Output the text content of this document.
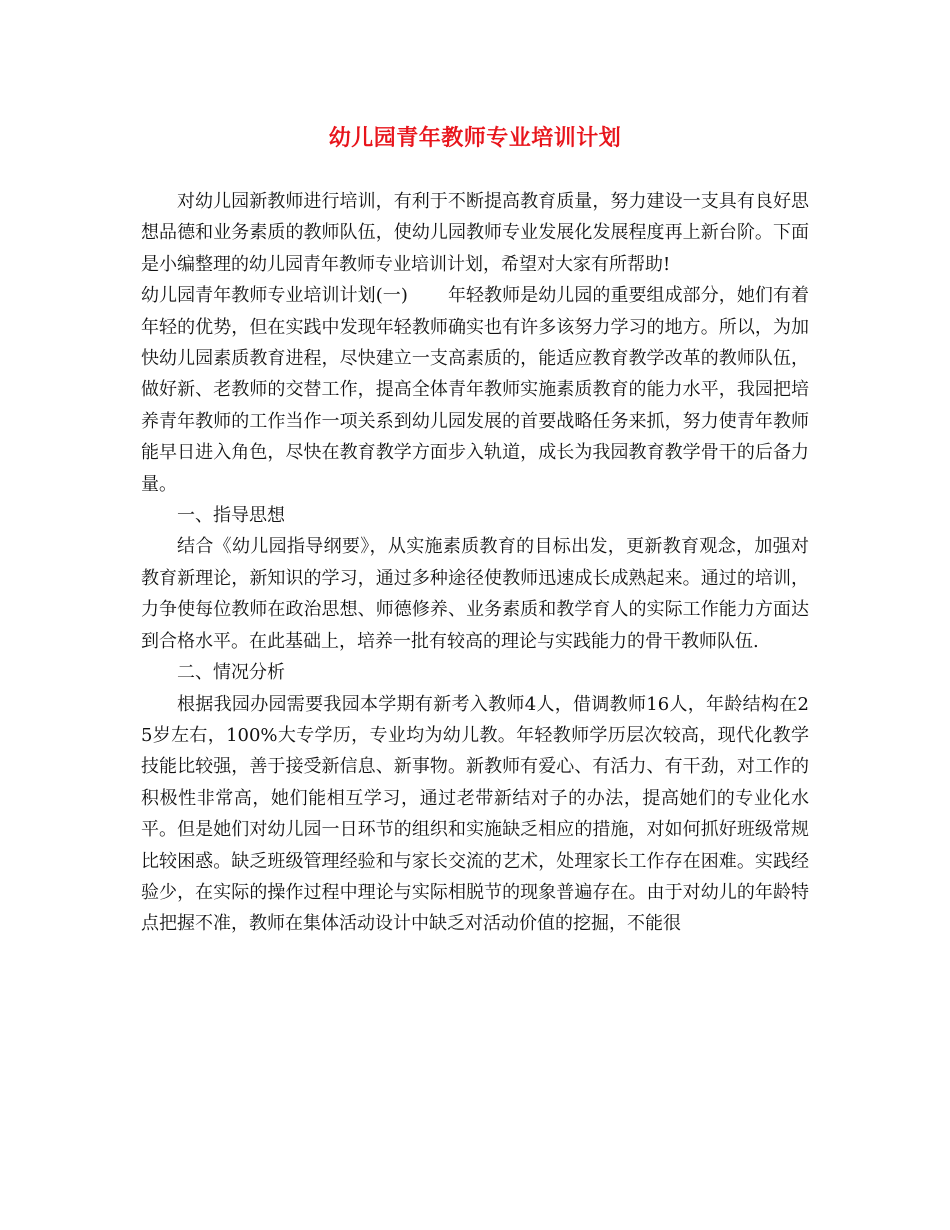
幼儿园青年教师专业培训计划

对幼儿园新教师进行培训，有利于不断提高教育质量，努力建设一支具有良好思想品德和业务素质的教师队伍，使幼儿园教师专业发展化发展程度再上新台阶。下面是小编整理的幼儿园青年教师专业培训计划，希望对大家有所帮助!

幼儿园青年教师专业培训计划(一) 年轻教师是幼儿园的重要组成部分，她们有着年轻的优势，但在实践中发现年轻教师确实也有许多该努力学习的地方。所以，为加快幼儿园素质教育进程，尽快建立一支高素质的，能适应教育教学改革的教师队伍，做好新、老教师的交替工作，提高全体青年教师实施素质教育的能力水平，我园把培养青年教师的工作当作一项关系到幼儿园发展的首要战略任务来抓，努力使青年教师能早日进入角色，尽快在教育教学方面步入轨道，成长为我园教育教学骨干的后备力量。

一、指导思想

结合《幼儿园指导纲要》，从实施素质教育的目标出发，更新教育观念，加强对教育新理论，新知识的学习，通过多种途径使教师迅速成长成熟起来。通过的培训，力争使每位教师在政治思想、师德修养、业务素质和教学育人的实际工作能力方面达到合格水平。在此基础上，培养一批有较高的理论与实践能力的骨干教师队伍.

二、情况分析

根据我园办园需要我园本学期有新考入教师4人，借调教师16人，年龄结构在25岁左右，100%大专学历，专业均为幼儿教。年轻教师学历层次较高，现代化教学技能比较强，善于接受新信息、新事物。新教师有爱心、有活力、有干劲，对工作的积极性非常高，她们能相互学习，通过老带新结对子的办法，提高她们的专业化水平。但是她们对幼儿园一日环节的组织和实施缺乏相应的措施，对如何抓好班级常规比较困惑。缺乏班级管理经验和与家长交流的艺术，处理家长工作存在困难。实践经验少，在实际的操作过程中理论与实际相脱节的现象普遍存在。由于对幼儿的年龄特点把握不准，教师在集体活动设计中缺乏对活动价值的挖掘，不能很
